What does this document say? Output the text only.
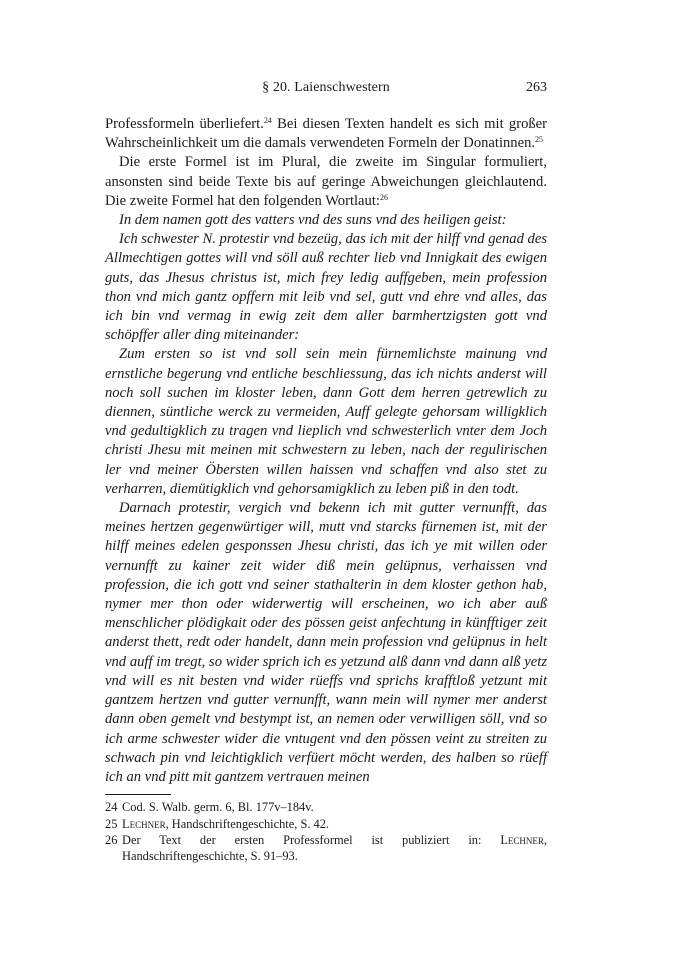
§ 20. Laienschwestern	263

Professformeln überliefert.$^{24}$ Bei diesen Texten handelt es sich mit großer Wahrscheinlichkeit um die damals verwendeten Formeln der Donatinnen.$^{25}$

Die erste Formel ist im Plural, die zweite im Singular formuliert, ansonsten sind beide Texte bis auf geringe Abweichungen gleichlautend. Die zweite Formel hat den folgenden Wortlaut:$^{26}$

In dem namen gott des vatters vnd des suns vnd des heiligen geist:

Ich schwester N. protestir vnd bezeüg, das ich mit der hilff vnd genad des Allmechtigen gottes will vnd söll auß rechter lieb vnd Innigkait des ewigen guts, das Jhesus christus ist, mich frey ledig auffgeben, mein profession thon vnd mich gantz opffern mit leib vnd sel, gutt vnd ehre vnd alles, das ich bin vnd vermag in ewig zeit dem aller barmhertzigsten gott vnd schöpffer aller ding miteinander:

Zum ersten so ist vnd soll sein mein fürnemlichste mainung vnd ernstliche begerung vnd entliche beschliessung, das ich nichts anderst will noch soll suchen im kloster leben, dann Gott dem herren getrewlich zu diennen, süntliche werck zu vermeiden, Auff gelegte gehorsam willigklich vnd gedultigklich zu tragen vnd lieplich vnd schwesterlich vnter dem Joch christi Jhesu mit meinen mit schwestern zu leben, nach der regulirischen ler vnd meiner Öbersten willen haissen vnd schaffen vnd also stet zu verharren, diemütigklich vnd gehorsamigklich zu leben piß in den todt.

Darnach protestir, vergich vnd bekenn ich mit gutter vernunfft, das meines hertzen gegenwürtiger will, mutt vnd starcks fürnemen ist, mit der hilff meines edelen gesponssen Jhesu christi, das ich ye mit willen oder vernunfft zu kainer zeit wider diß mein gelüpnus, verhaissen vnd profession, die ich gott vnd seiner stathalterin in dem kloster gethon hab, nymer mer thon oder widerwertig will erscheinen, wo ich aber auß menschlicher plödigkait oder des pössen geist anfechtung in künfftiger zeit anderst thett, redt oder handelt, dann mein profession vnd gelüpnus in helt vnd auff im tregt, so wider sprich ich es yetzund alß dann vnd dann alß yetz vnd will es nit besten vnd wider rüeffs vnd sprichs krafftloß yetzunt mit gantzem hertzen vnd gutter vernunfft, wann mein will nymer mer anderst dann oben gemelt vnd bestympt ist, an nemen oder verwilligen söll, vnd so ich arme schwester wider die vntugent vnd den pössen veint zu streiten zu schwach pin vnd leichtigklich verfüert möcht werden, des halben so rüeff ich an vnd pitt mit gantzem vertrauen meinen

24 Cod. S. Walb. germ. 6, Bl. 177v–184v.
25 Lechner, Handschriftengeschichte, S. 42.
26 Der Text der ersten Professformel ist publiziert in: Lechner, Handschriftengeschichte, S. 91–93.
